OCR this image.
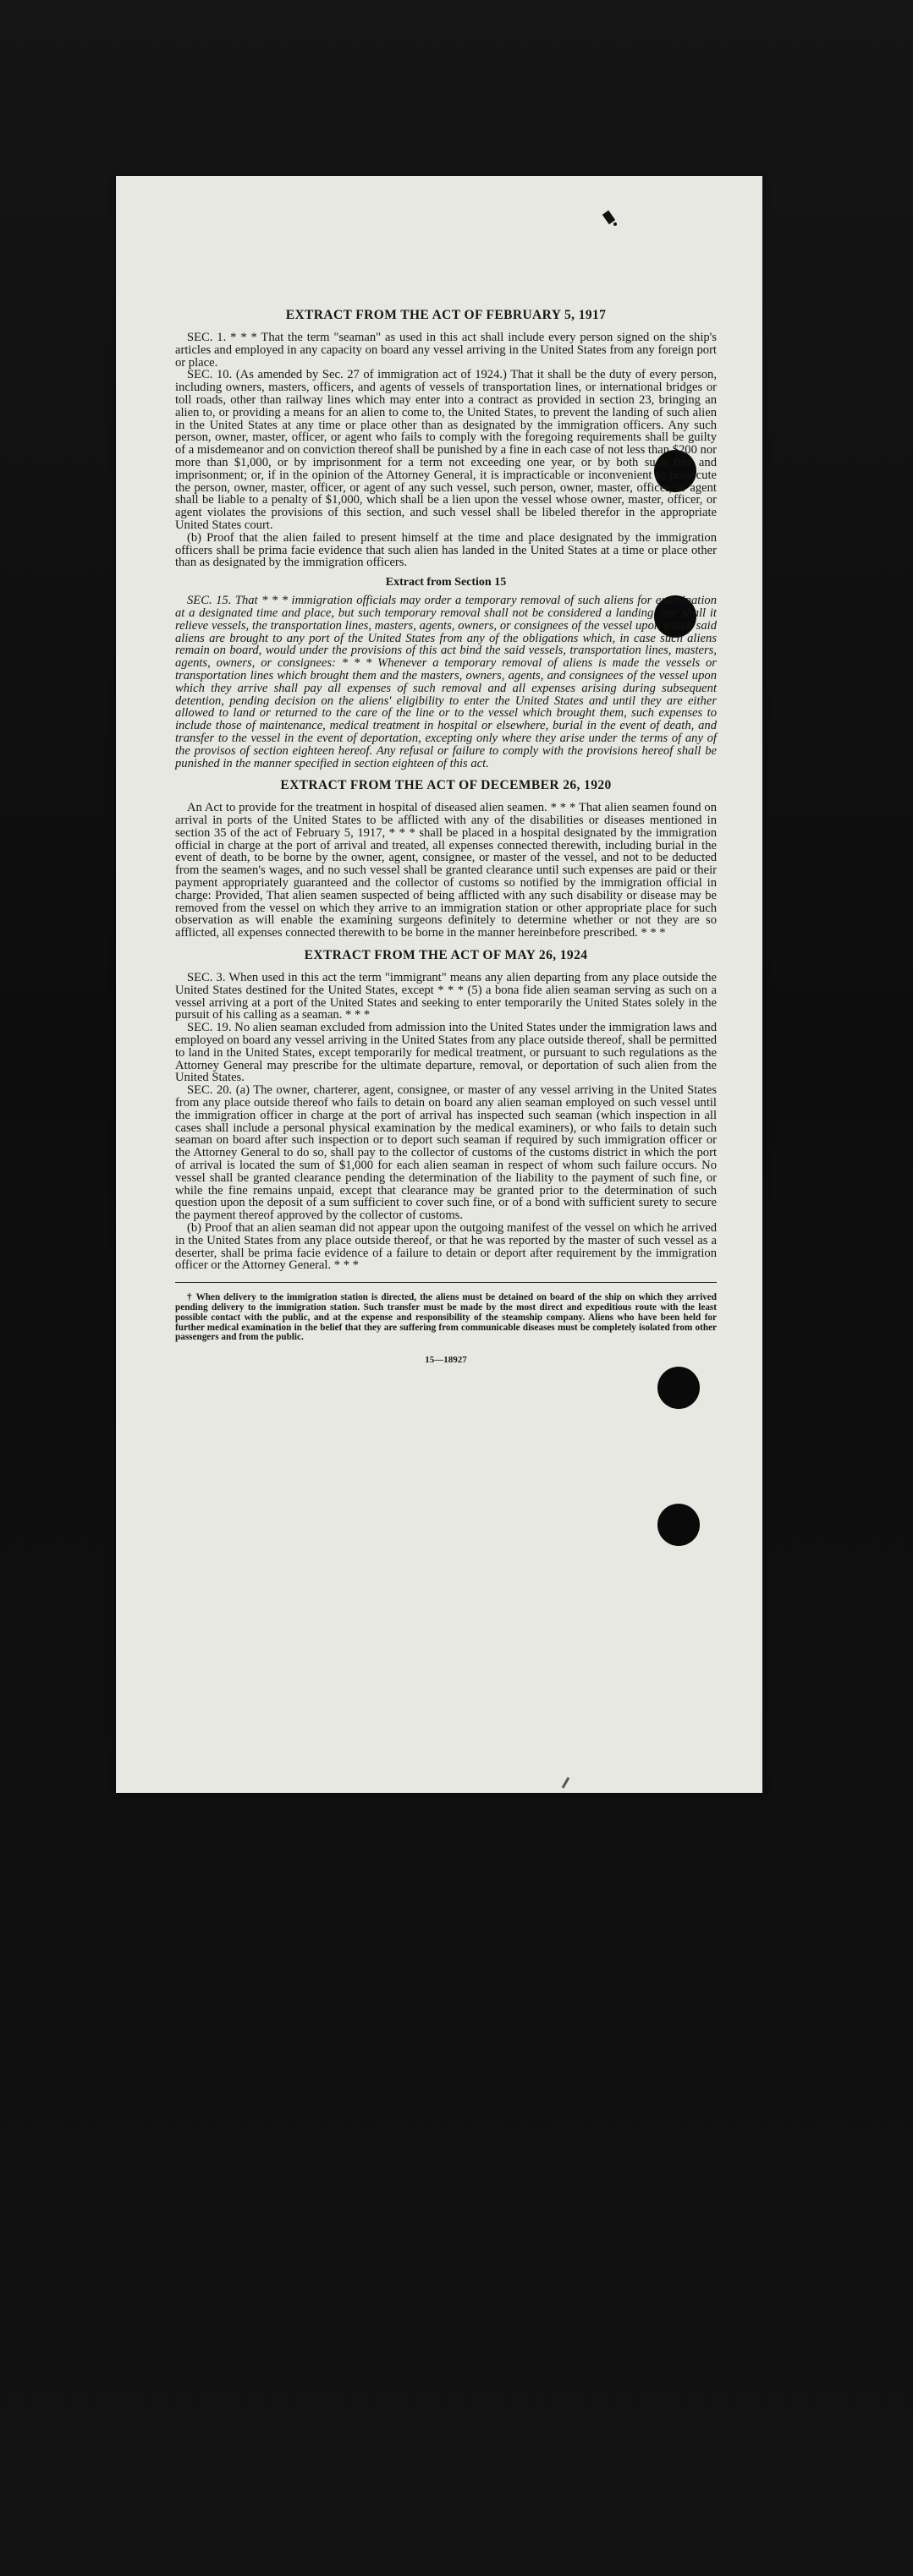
EXTRACT FROM THE ACT OF FEBRUARY 5, 1917

SEC. 1. * * * That the term "seaman" as used in this act shall include every person signed on the ship's articles and employed in any capacity on board any vessel arriving in the United States from any foreign port or place.

SEC. 10. (As amended by Sec. 27 of immigration act of 1924.) That it shall be the duty of every person, including owners, masters, officers, and agents of vessels of transportation lines, or international bridges or toll roads, other than railway lines which may enter into a contract as provided in section 23, bringing an alien to, or providing a means for an alien to come to, the United States, to prevent the landing of such alien in the United States at any time or place other than as designated by the immigration officers. Any such person, owner, master, officer, or agent who fails to comply with the foregoing requirements shall be guilty of a misdemeanor and on conviction thereof shall be punished by a fine in each case of not less than $200 nor more than $1,000, or by imprisonment for a term not exceeding one year, or by both such fine and imprisonment; or, if in the opinion of the Attorney General, it is impracticable or inconvenient to prosecute the person, owner, master, officer, or agent of any such vessel, such person, owner, master, officer, or agent shall be liable to a penalty of $1,000, which shall be a lien upon the vessel whose owner, master, officer, or agent violates the provisions of this section, and such vessel shall be libeled therefor in the appropriate United States court.

(b) Proof that the alien failed to present himself at the time and place designated by the immigration officers shall be prima facie evidence that such alien has landed in the United States at a time or place other than as designated by the immigration officers.

Extract from Section 15

SEC. 15. That * * * immigration officials may order a temporary removal of such aliens for examination at a designated time and place, but such temporary removal shall not be considered a landing, nor shall it relieve vessels, the transportation lines, masters, agents, owners, or consignees of the vessel upon which said aliens are brought to any port of the United States from any of the obligations which, in case such aliens remain on board, would under the provisions of this act bind the said vessels, transportation lines, masters, agents, owners, or consignees: * * * Whenever a temporary removal of aliens is made the vessels or transportation lines which brought them and the masters, owners, agents, and consignees of the vessel upon which they arrive shall pay all expenses of such removal and all expenses arising during subsequent detention, pending decision on the aliens' eligibility to enter the United States and until they are either allowed to land or returned to the care of the line or to the vessel which brought them, such expenses to include those of maintenance, medical treatment in hospital or elsewhere, burial in the event of death, and transfer to the vessel in the event of deportation, excepting only where they arise under the terms of any of the provisos of section eighteen hereof. Any refusal or failure to comply with the provisions hereof shall be punished in the manner specified in section eighteen of this act.

EXTRACT FROM THE ACT OF DECEMBER 26, 1920

An Act to provide for the treatment in hospital of diseased alien seamen. * * * That alien seamen found on arrival in ports of the United States to be afflicted with any of the disabilities or diseases mentioned in section 35 of the act of February 5, 1917, * * * shall be placed in a hospital designated by the immigration official in charge at the port of arrival and treated, all expenses connected therewith, including burial in the event of death, to be borne by the owner, agent, consignee, or master of the vessel, and not to be deducted from the seamen's wages, and no such vessel shall be granted clearance until such expenses are paid or their payment appropriately guaranteed and the collector of customs so notified by the immigration official in charge: Provided, That alien seamen suspected of being afflicted with any such disability or disease may be removed from the vessel on which they arrive to an immigration station or other appropriate place for such observation as will enable the examining surgeons definitely to determine whether or not they are so afflicted, all expenses connected therewith to be borne in the manner hereinbefore prescribed. * * *

EXTRACT FROM THE ACT OF MAY 26, 1924

SEC. 3. When used in this act the term "immigrant" means any alien departing from any place outside the United States destined for the United States, except * * * (5) a bona fide alien seaman serving as such on a vessel arriving at a port of the United States and seeking to enter temporarily the United States solely in the pursuit of his calling as a seaman. * * *

SEC. 19. No alien seaman excluded from admission into the United States under the immigration laws and employed on board any vessel arriving in the United States from any place outside thereof, shall be permitted to land in the United States, except temporarily for medical treatment, or pursuant to such regulations as the Attorney General may prescribe for the ultimate departure, removal, or deportation of such alien from the United States.

SEC. 20. (a) The owner, charterer, agent, consignee, or master of any vessel arriving in the United States from any place outside thereof who fails to detain on board any alien seaman employed on such vessel until the immigration officer in charge at the port of arrival has inspected such seaman (which inspection in all cases shall include a personal physical examination by the medical examiners), or who fails to detain such seaman on board after such inspection or to deport such seaman if required by such immigration officer or the Attorney General to do so, shall pay to the collector of customs of the customs district in which the port of arrival is located the sum of $1,000 for each alien seaman in respect of whom such failure occurs. No vessel shall be granted clearance pending the determination of the liability to the payment of such fine, or while the fine remains unpaid, except that clearance may be granted prior to the determination of such question upon the deposit of a sum sufficient to cover such fine, or of a bond with sufficient surety to secure the payment thereof approved by the collector of customs.

(b) Proof that an alien seaman did not appear upon the outgoing manifest of the vessel on which he arrived in the United States from any place outside thereof, or that he was reported by the master of such vessel as a deserter, shall be prima facie evidence of a failure to detain or deport after requirement by the immigration officer or the Attorney General. * * *

† When delivery to the immigration station is directed, the aliens must be detained on board of the ship on which they arrived pending delivery to the immigration station. Such transfer must be made by the most direct and expeditious route with the least possible contact with the public, and at the expense and responsibility of the steamship company. Aliens who have been held for further medical examination in the belief that they are suffering from communicable diseases must be completely isolated from other passengers and from the public.

15—18927
